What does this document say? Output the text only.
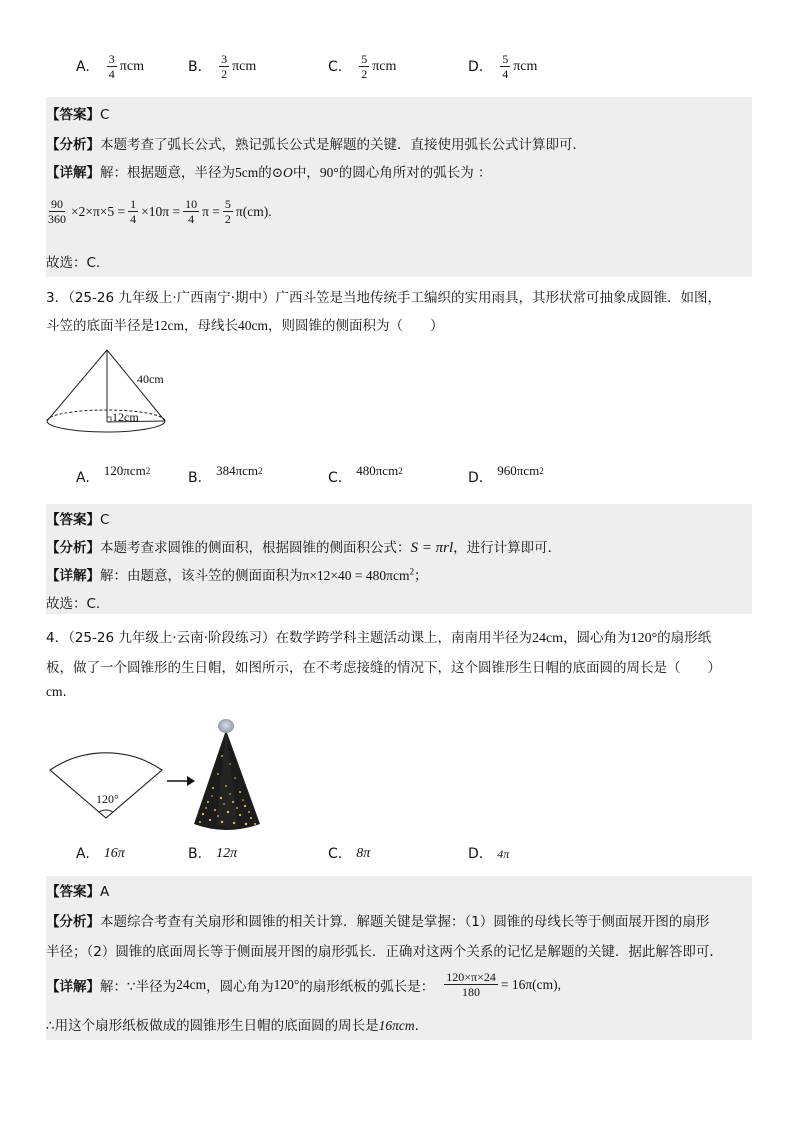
A. $\frac{3}{4}$ πcm	B. $\frac{3}{2}$ πcm	C. $\frac{5}{2}$ πcm	D. $\frac{5}{4}$ πcm
【答案】C
【分析】本题考查了弧长公式，熟记弧长公式是解题的关键．直接使用弧长公式计算即可．
【详解】解：根据题意，半径为5cm的⊙O中，90°的圆心角所对的弧长为 ：
$\frac{90}{360} \times 2\times\pi\times 5 = \frac{1}{4} \times 10\pi = \frac{10}{4}$ $\pi = \frac{5}{2} \pi(cm)$.
故选：C.
3．（25-26 九年级上·广西南宁·期中）广西斗笠是当地传统手工编织的实用雨具，其形状常可抽象成圆锥．如图，
斗笠的底面半径是12cm，母线长40cm，则圆锥的侧面积为（　　）
40cm
12cm
A. 120πcm 2	B. 384πcm 2	C. 480πcm 2	D. 960πcm 2
【答案】C
【分析】本题考查求圆锥的侧面积，根据圆锥的侧面积公式：S = πrl，进行计算即可．
【详解】解：由题意，该斗笠的侧面面积为π×12×40 = 480πcm$^2$；
故选：C.
4．（25-26 九年级上·云南·阶段练习）在数学跨学科主题活动课上，南南用半径为24cm，圆心角为120°的扇形纸
板，做了一个圆锥形的生日帽，如图所示，在不考虑接缝的情况下，这个圆锥形生日帽的底面圆的周长是（　　）
cm.
120°
A. 16π	B. 12π	C. 8π	D. 4π
【答案】A
【分析】本题综合考查有关扇形和圆锥的相关计算．解题关键是掌握：（1）圆锥的母线长等于侧面展开图的扇形
半径；（2）圆锥的底面周长等于侧面展开图的扇形弧长．正确对这两个关系的记忆是解题的关键．据此解答即可．
【详解】 解：∵半径为 24cm ，圆心角为 120° 的扇形纸板的弧长是： $\frac{120\times\pi\times 24}{180} = 16\pi(cm)$,
∴用这个扇形纸板做成的圆锥形生日帽的底面圆的周长是16πcm.
